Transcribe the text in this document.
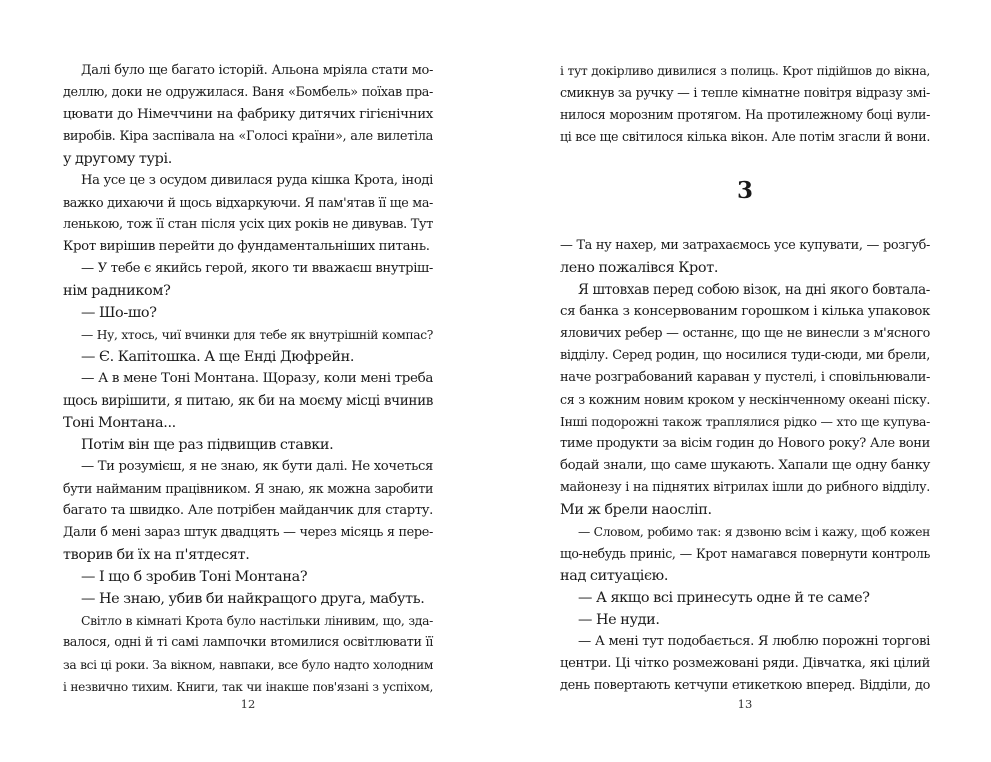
Далі було ще багато історій. Альона мріяла стати мо-
деллю, доки не одружилася. Ваня «Бомбель» поїхав пра-
цювати до Німеччини на фабрику дитячих гігієнічних
виробів. Кіра заспівала на «Голосі країни», але вилетіла
у другому турі.
На усе це з осудом дивилася руда кішка Крота, іноді
важко дихаючи й щось відхаркуючи. Я пам'ятав її ще ма-
ленькою, тож її стан після усіх цих років не дивував. Тут
Крот вирішив перейти до фундаментальніших питань.
— У тебе є якийсь герой, якого ти вважаєш внутріш-
нім радником?
— Шо-шо?
— Ну, хтось, чиї вчинки для тебе як внутрішній компас?
— Є. Капітошка. А ще Енді Дюфрейн.
— А в мене Тоні Монтана. Щоразу, коли мені треба
щось вирішити, я питаю, як би на моєму місці вчинив
Тоні Монтана...
Потім він ще раз підвищив ставки.
— Ти розумієш, я не знаю, як бути далі. Не хочеться
бути найманим працівником. Я знаю, як можна заробити
багато та швидко. Але потрібен майданчик для старту.
Дали б мені зараз штук двадцять — через місяць я пере-
творив би їх на п'ятдесят.
— І що б зробив Тоні Монтана?
— Не знаю, убив би найкращого друга, мабуть.
Світло в кімнаті Крота було настільки лінивим, що, зда-
валося, одні й ті самі лампочки втомилися освітлювати її
за всі ці роки. За вікном, навпаки, все було надто холодним
і незвично тихим. Книги, так чи інакше пов'язані з успіхом,
і тут докірливо дивилися з полиць. Крот підійшов до вікна,
смикнув за ручку — і тепле кімнатне повітря відразу змі-
нилося морозним протягом. На протилежному боці вули-
ці все ще світилося кілька вікон. Але потім згасли й вони.
3
— Та ну нахер, ми затрахаємось усе купувати, — розгуб-
лено пожалівся Крот.
Я штовхав перед собою візок, на дні якого бовтала-
ся банка з консервованим горошком і кілька упаковок
яловичих ребер — останнє, що ще не винесли з м'ясного
відділу. Серед родин, що носилися туди-сюди, ми брели,
наче розграбований караван у пустелі, і сповільнювали-
ся з кожним новим кроком у нескінченному океані піску.
Інші подорожні також траплялися рідко — хто ще купува-
тиме продукти за вісім годин до Нового року? Але вони
бодай знали, що саме шукають. Хапали ще одну банку
майонезу і на піднятих вітрилах ішли до рибного відділу.
Ми ж брели наосліп.
— Словом, робимо так: я дзвоню всім і кажу, щоб кожен
що-небудь приніс, — Крот намагався повернути контроль
над ситуацією.
— А якщо всі принесуть одне й те саме?
— Не нуди.
— А мені тут подобається. Я люблю порожні торгові
центри. Ці чітко розмежовані ряди. Дівчатка, які цілий
день повертають кетчупи етикеткою вперед. Відділи, до
12	13
